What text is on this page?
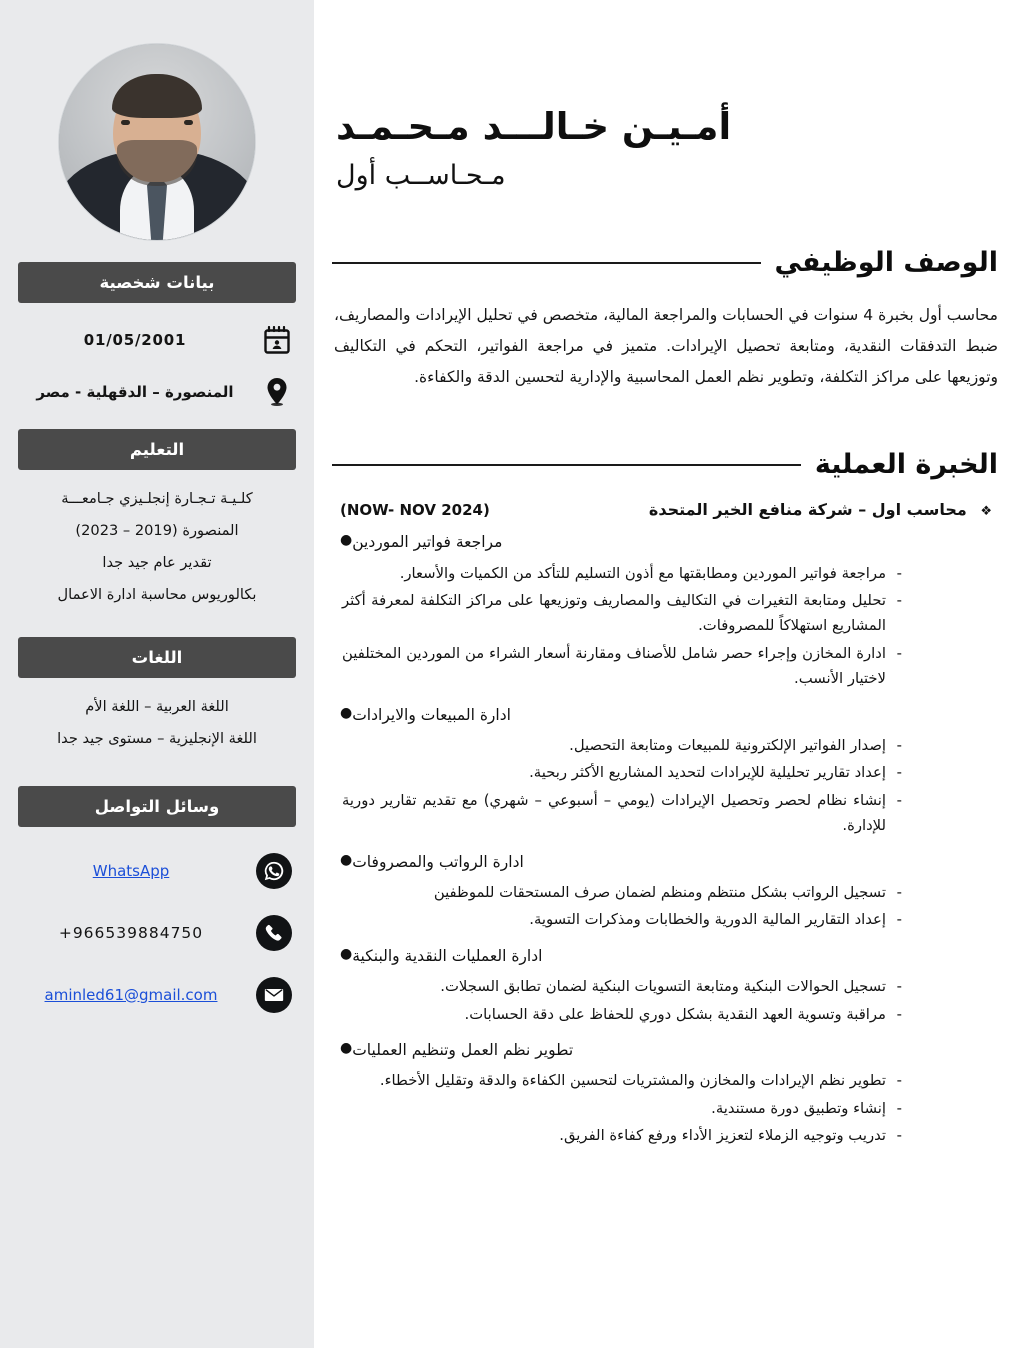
أمـيـن خـالـــد مـحـمـد
مـحـاســب أول
الوصف الوظيفي
محاسب أول بخبرة 4 سنوات في الحسابات والمراجعة المالية، متخصص في تحليل الإيرادات والمصاريف، ضبط التدفقات النقدية، ومتابعة تحصيل الإيرادات. متميز في مراجعة الفواتير، التحكم في التكاليف وتوزيعها على مراكز التكلفة، وتطوير نظم العمل المحاسبية والإدارية لتحسين الدقة والكفاءة.
الخبرة العملية
❖ محاسب اول – شركة منافع الخير المتحدة
(NOW- NOV 2024)
● مراجعة فواتير الموردين
- مراجعة فواتير الموردين ومطابقتها مع أذون التسليم للتأكد من الكميات والأسعار.
- تحليل ومتابعة التغيرات في التكاليف والمصاريف وتوزيعها على مراكز التكلفة لمعرفة أكثر المشاريع استهلاكاً للمصروفات.
- ادارة المخازن وإجراء حصر شامل للأصناف ومقارنة أسعار الشراء من الموردين المختلفين لاختيار الأنسب.
● ادارة المبيعات والايرادات
- إصدار الفواتير الإلكترونية للمبيعات ومتابعة التحصيل.
- إعداد تقارير تحليلية للإيرادات لتحديد المشاريع الأكثر ربحية.
- إنشاء نظام لحصر وتحصيل الإيرادات (يومي – أسبوعي – شهري) مع تقديم تقارير دورية للإدارة.
● ادارة الرواتب والمصروفات
- تسجيل الرواتب بشكل منتظم ومنظم لضمان صرف المستحقات للموظفين
- إعداد التقارير المالية الدورية والخطابات ومذكرات التسوية.
● ادارة العمليات النقدية والبنكية
- تسجيل الحوالات البنكية ومتابعة التسويات البنكية لضمان تطابق السجلات.
- مراقبة وتسوية العهد النقدية بشكل دوري للحفاظ على دقة الحسابات.
● تطوير نظم العمل وتنظيم العمليات
- تطوير نظم الإيرادات والمخازن والمشتريات لتحسين الكفاءة والدقة وتقليل الأخطاء.
- إنشاء وتطبيق دورة مستندية.
- تدريب وتوجيه الزملاء لتعزيز الأداء ورفع كفاءة الفريق.
بيانات شخصية
01/05/2001
المنصورة – الدقهلية - مصر
التعليم

كلـيـة تـجـارة إنجلـيزي جـامعـــة

المنصورة (2019 – 2023)

تقدير عام جيد جدا

بكالوريوس محاسبة ادارة الاعمال

اللغات

اللغة العربية – اللغة الأم

اللغة الإنجليزية – مستوى جيد جدا

وسائل التواصل
WhatsApp
+966539884750
aminled61@gmail.com
